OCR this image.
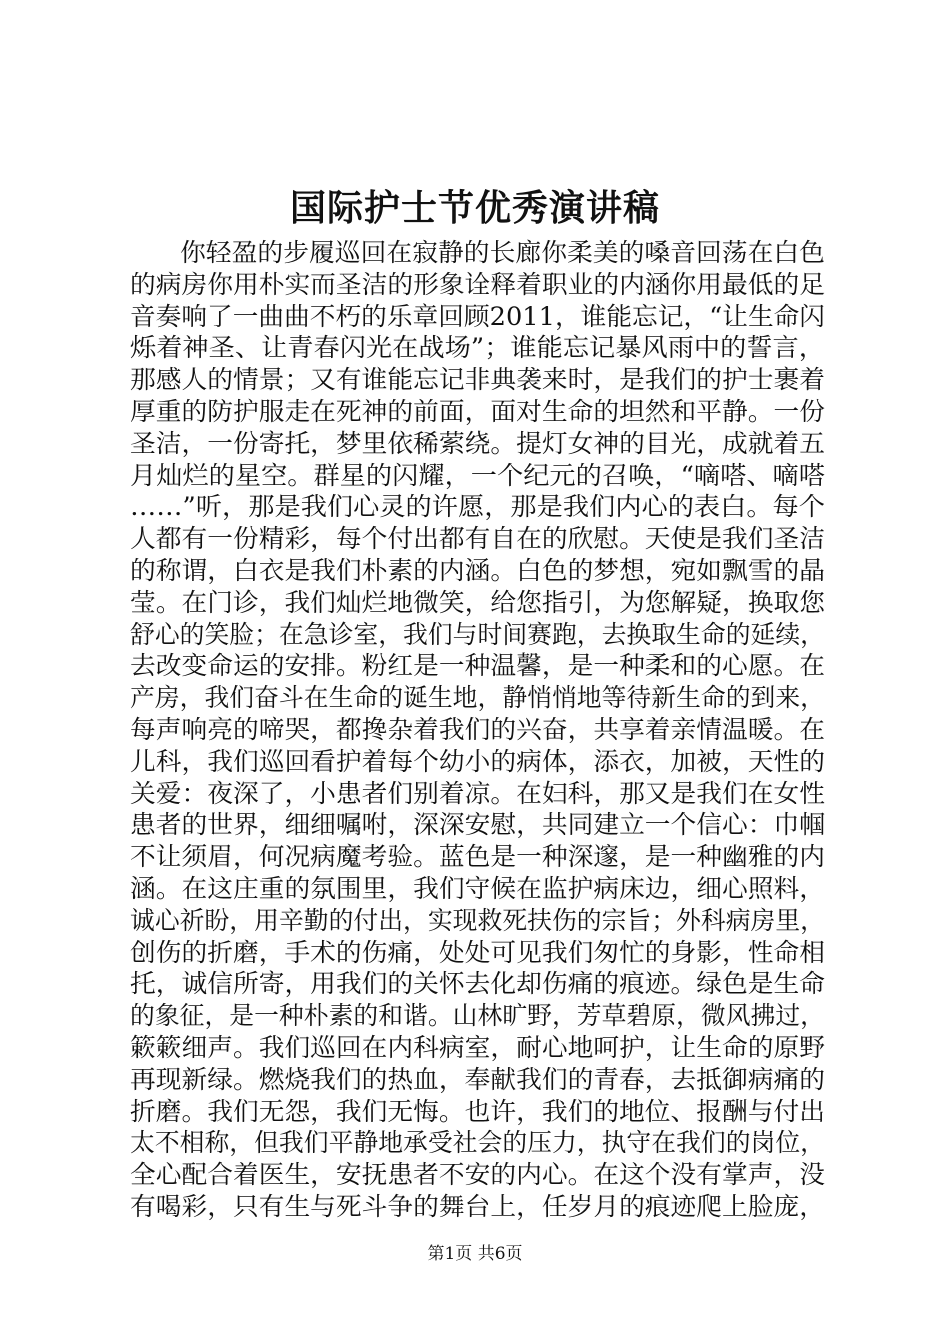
国际护士节优秀演讲稿
你轻盈的步履巡回在寂静的长廊你柔美的嗓音回荡在白色
的病房你用朴实而圣洁的形象诠释着职业的内涵你用最低的足
音奏响了一曲曲不朽的乐章回顾2011，谁能忘记，“让生命闪
烁着神圣、让青春闪光在战场”；谁能忘记暴风雨中的誓言，
那感人的情景；又有谁能忘记非典袭来时，是我们的护士裹着
厚重的防护服走在死神的前面，面对生命的坦然和平静。一份
圣洁，一份寄托，梦里依稀萦绕。提灯女神的目光，成就着五
月灿烂的星空。群星的闪耀，一个纪元的召唤，“嘀嗒、嘀嗒
……”听，那是我们心灵的许愿，那是我们内心的表白。每个
人都有一份精彩，每个付出都有自在的欣慰。天使是我们圣洁
的称谓，白衣是我们朴素的内涵。白色的梦想，宛如飘雪的晶
莹。在门诊，我们灿烂地微笑，给您指引，为您解疑，换取您
舒心的笑脸；在急诊室，我们与时间赛跑，去换取生命的延续，
去改变命运的安排。粉红是一种温馨，是一种柔和的心愿。在
产房，我们奋斗在生命的诞生地，静悄悄地等待新生命的到来，
每声响亮的啼哭，都搀杂着我们的兴奋，共享着亲情温暖。在
儿科，我们巡回看护着每个幼小的病体，添衣，加被，天性的
关爱：夜深了，小患者们别着凉。在妇科，那又是我们在女性
患者的世界，细细嘱咐，深深安慰，共同建立一个信心：巾帼
不让须眉，何况病魔考验。蓝色是一种深邃，是一种幽雅的内
涵。在这庄重的氛围里，我们守候在监护病床边，细心照料，
诚心祈盼，用辛勤的付出，实现救死扶伤的宗旨；外科病房里，
创伤的折磨，手术的伤痛，处处可见我们匆忙的身影，性命相
托，诚信所寄，用我们的关怀去化却伤痛的痕迹。绿色是生命
的象征，是一种朴素的和谐。山林旷野，芳草碧原，微风拂过，
簌簌细声。我们巡回在内科病室，耐心地呵护，让生命的原野
再现新绿。燃烧我们的热血，奉献我们的青春，去抵御病痛的
折磨。我们无怨，我们无悔。也许，我们的地位、报酬与付出
太不相称，但我们平静地承受社会的压力，执守在我们的岗位，
全心配合着医生，安抚患者不安的内心。在这个没有掌声，没
有喝彩，只有生与死斗争的舞台上，任岁月的痕迹爬上脸庞，
第1页 共6页
